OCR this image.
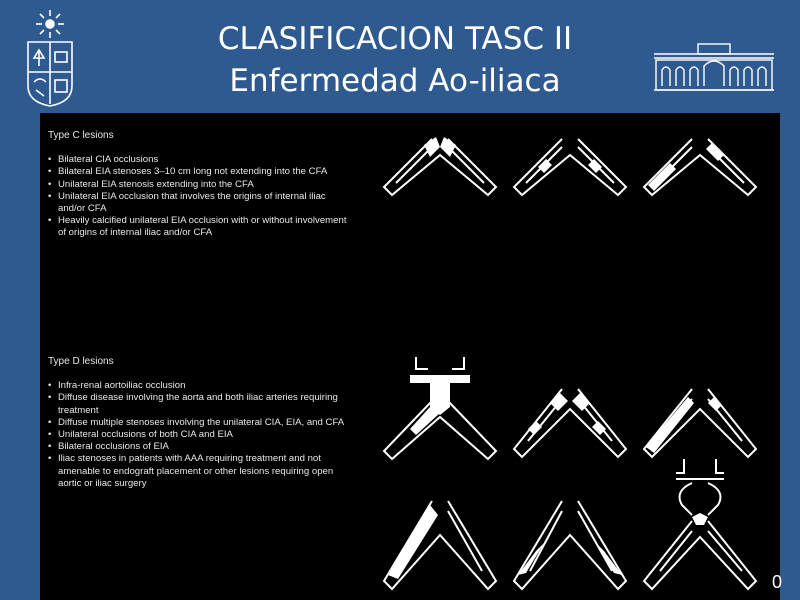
CLASIFICACION TASC II
Enfermedad Ao-iliaca
Type C lesions
• Bilateral CIA occlusions
• Bilateral EIA stenoses 3–10 cm long not extending into the CFA
• Unilateral EIA stenosis extending into the CFA
• Unilateral EIA occlusion that involves the origins of internal iliac and/or CFA
• Heavily calcified unilateral EIA occlusion with or without involvement of origins of internal iliac and/or CFA
Type D lesions
• Infra-renal aortoiliac occlusion
• Diffuse disease involving the aorta and both iliac arteries requiring treatment
• Diffuse multiple stenoses involving the unilateral CIA, EIA, and CFA
• Unilateral occlusions of both CIA and EIA
• Bilateral occlusions of EIA
• Iliac stenoses in patients with AAA requiring treatment and not amenable to endograft placement or other lesions requiring open aortic or iliac surgery
0
